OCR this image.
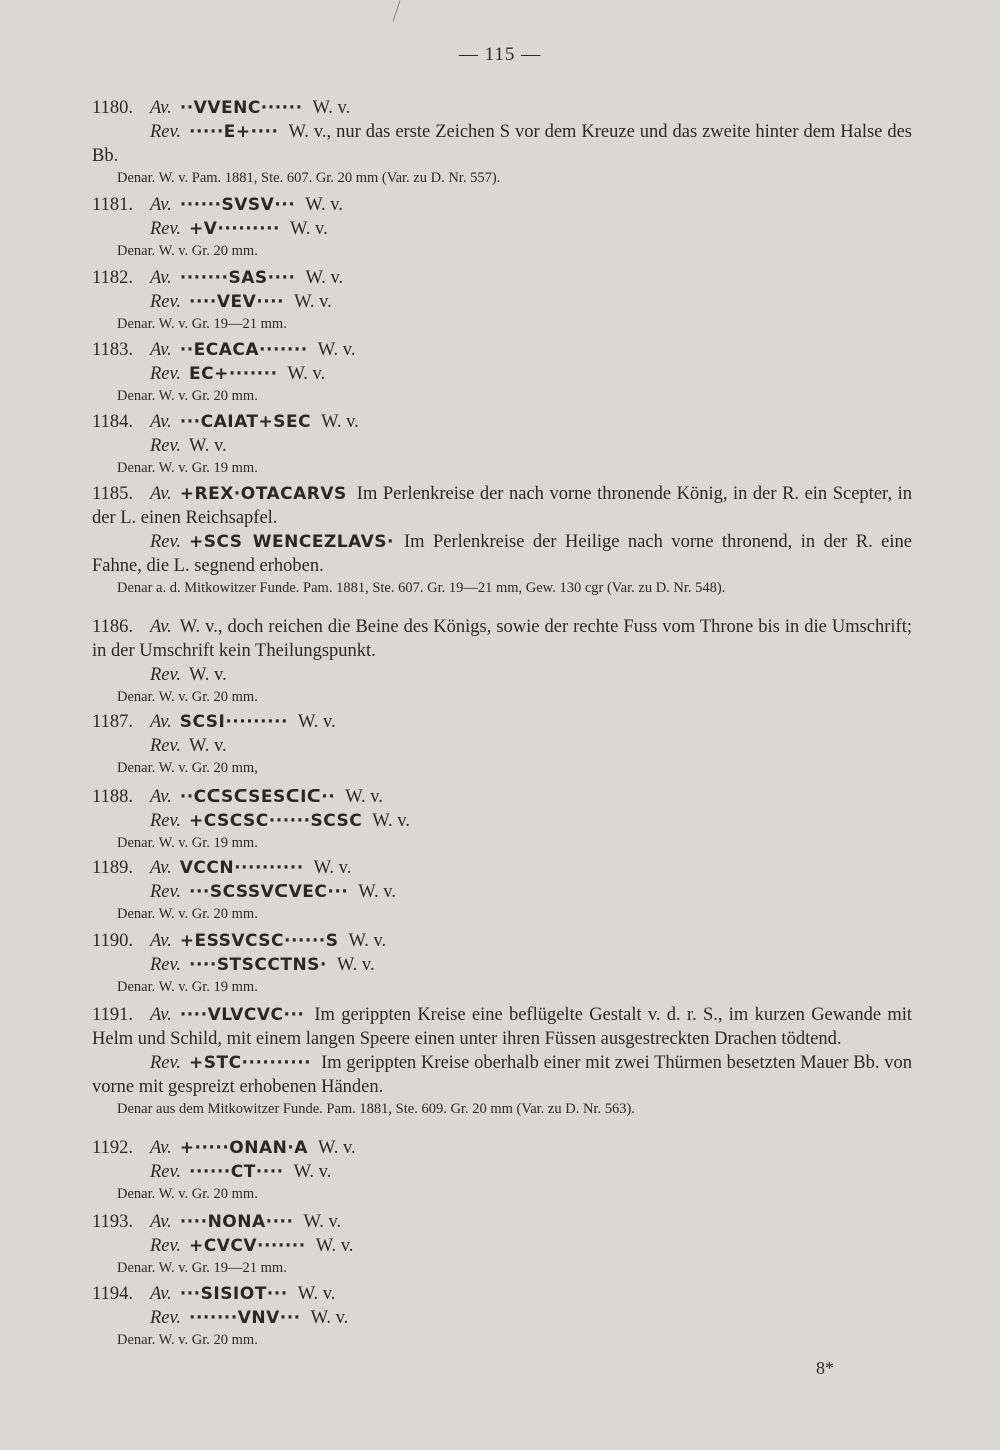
— 115 —
1180. Av. ··VVENC······ W. v.
Rev. ·····E+···· W. v., nur das erste Zeichen S vor dem Kreuze und das zweite hinter dem Halse des Bb.
Denar. W. v. Pam. 1881, Ste. 607. Gr. 20 mm (Var. zu D. Nr. 557).
1181. Av. ······SVSV··· W. v.
Rev. +V········· W. v.
Denar. W. v. Gr. 20 mm.
1182. Av. ·······SAS···· W. v.
Rev. ····VEV···· W. v.
Denar. W. v. Gr. 19—21 mm.
1183. Av. ··ECACA······· W. v.
Rev. EC+······· W. v.
Denar. W. v. Gr. 20 mm.
1184. Av. ···CAIAT+SEC W. v.
Rev. W. v.
Denar. W. v. Gr. 19 mm.
1185. Av. +REX·OTACARVS Im Perlenkreise der nach vorne thronende König, in der R. ein Scepter, in der L. einen Reichsapfel.
Rev. +SCS WENCEZLAVS· Im Perlenkreise der Heilige nach vorne thronend, in der R. eine Fahne, die L. segnend erhoben.
Denar a. d. Mitkowitzer Funde. Pam. 1881, Ste. 607. Gr. 19—21 mm, Gew. 130 cgr (Var. zu D. Nr. 548).
1186. Av. W. v., doch reichen die Beine des Königs, sowie der rechte Fuss vom Throne bis in die Umschrift; in der Umschrift kein Theilungspunkt.
Rev. W. v.
Denar. W. v. Gr. 20 mm.
1187. Av. SCSI········· W. v.
Rev. W. v.
Denar. W. v. Gr. 20 mm,
1188. Av. ··CᑕSᑕSESᑕIᑕ·· W. v.
Rev. +CSCSC······SCSC W. v.
Denar. W. v. Gr. 19 mm.
1189. Av. VCCN·········· W. v.
Rev. ···SCSSVᑕVEC··· W. v.
Denar. W. v. Gr. 20 mm.
1190. Av. +ESSVCSC······S W. v.
Rev. ····STSCCTNS· W. v.
Denar. W. v. Gr. 19 mm.
1191. Av. ····VLVCVC··· Im gerippten Kreise eine beflügelte Gestalt v. d. r. S., im kurzen Gewande mit Helm und Schild, mit einem langen Speere einen unter ihren Füssen ausgestreckten Drachen tödtend.
Rev. +STC·········· Im gerippten Kreise oberhalb einer mit zwei Thürmen besetzten Mauer Bb. von vorne mit gespreizt erhobenen Händen.
Denar aus dem Mitkowitzer Funde. Pam. 1881, Ste. 609. Gr. 20 mm (Var. zu D. Nr. 563).
1192. Av. +·····ONAN·A W. v.
Rev. ······CT···· W. v.
Denar. W. v. Gr. 20 mm.
1193. Av. ····NONA···· W. v.
Rev. +CVCV······· W. v.
Denar. W. v. Gr. 19—21 mm.
1194. Av. ···SISIOT··· W. v.
Rev. ·······VNV··· W. v.
Denar. W. v. Gr. 20 mm.
8*
